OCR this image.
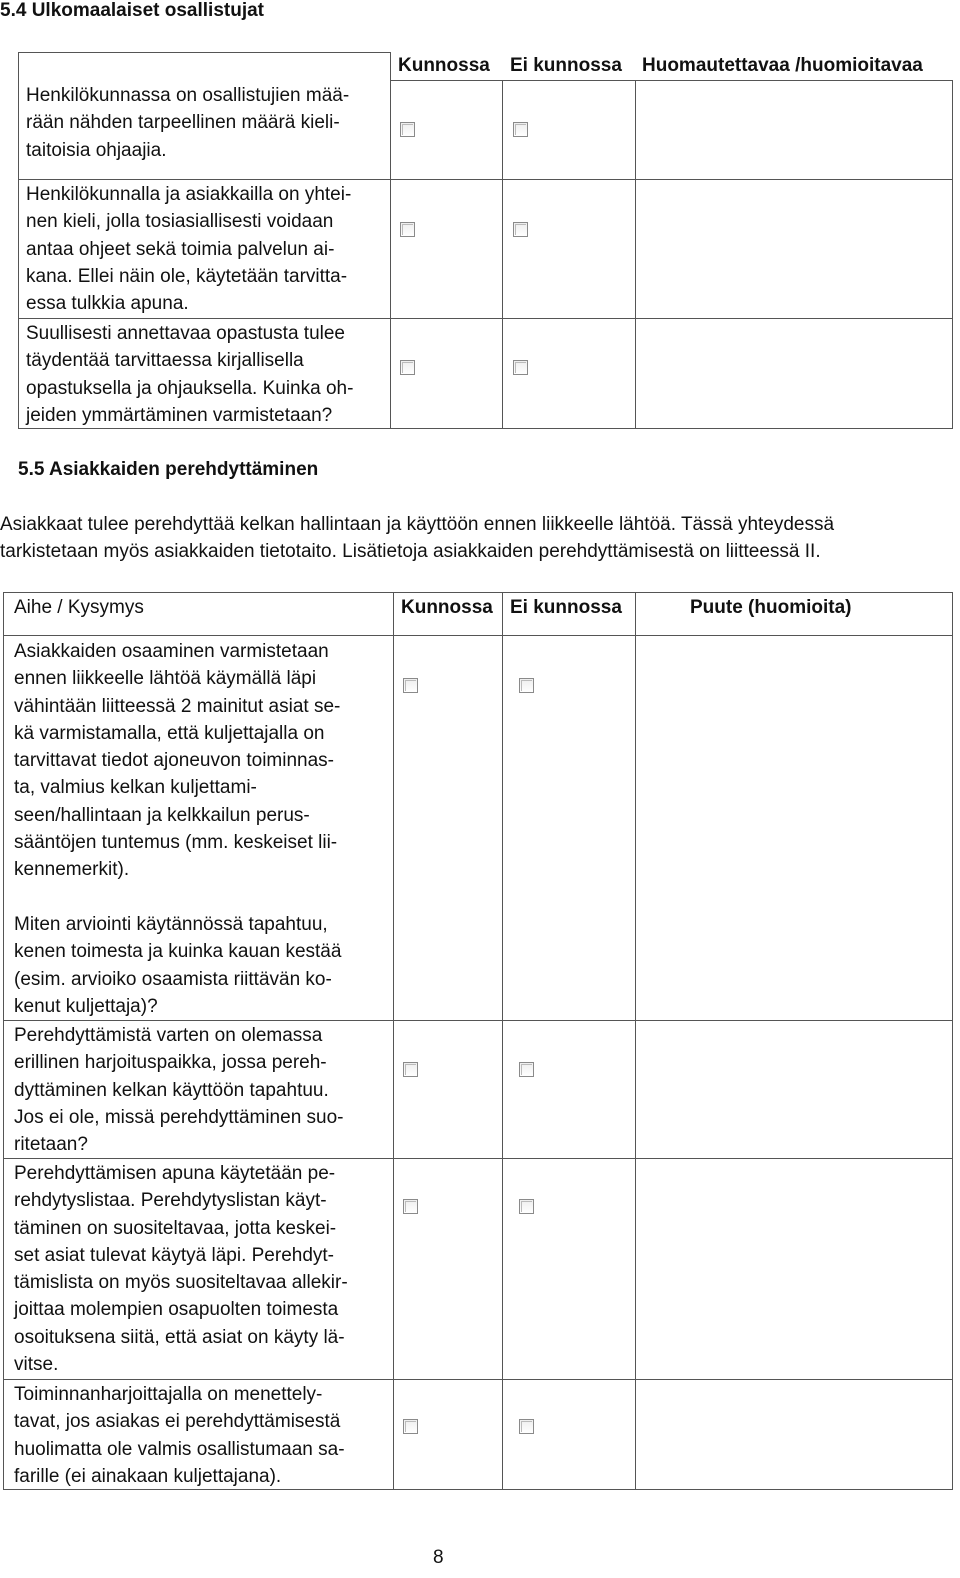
5.4 Ulkomaalaiset osallistujat
Kunnossa Ei kunnossa Huomautettavaa /huomioitavaa
Henkilökunnassa on osallistujien mää-
rään nähden tarpeellinen määrä kieli-
taitoisia ohjaajia.
Henkilökunnalla ja asiakkailla on yhtei-
nen kieli, jolla tosiasiallisesti voidaan
antaa ohjeet sekä toimia palvelun ai-
kana. Ellei näin ole, käytetään tarvitta-
essa tulkkia apuna.
Suullisesti annettavaa opastusta tulee
täydentää tarvittaessa kirjallisella
opastuksella ja ohjauksella. Kuinka oh-
jeiden ymmärtäminen varmistetaan?
5.5 Asiakkaiden perehdyttäminen
Asiakkaat tulee perehdyttää kelkan hallintaan ja käyttöön ennen liikkeelle lähtöä. Tässä yhteydessä
tarkistetaan myös asiakkaiden tietotaito. Lisätietoja asiakkaiden perehdyttämisestä on liitteessä II.
Aihe / Kysymys	Kunnossa Ei kunnossa	Puute (huomioita)
Asiakkaiden osaaminen varmistetaan
ennen liikkeelle lähtöä käymällä läpi
vähintään liitteessä 2 mainitut asiat se-
kä varmistamalla, että kuljettajalla on
tarvittavat tiedot ajoneuvon toiminnas-
ta, valmius kelkan kuljettami-
seen/hallintaan ja kelkkailun perus-
sääntöjen tuntemus (mm. keskeiset lii-
kennemerkit).

Miten arviointi käytännössä tapahtuu,
kenen toimesta ja kuinka kauan kestää
(esim. arvioiko osaamista riittävän ko-
kenut kuljettaja)?
Perehdyttämistä varten on olemassa
erillinen harjoituspaikka, jossa pereh-
dyttäminen kelkan käyttöön tapahtuu.
Jos ei ole, missä perehdyttäminen suo-
ritetaan?
Perehdyttämisen apuna käytetään pe-
rehdytyslistaa. Perehdytyslistan käyt-
täminen on suositeltavaa, jotta keskei-
set asiat tulevat käytyä läpi. Perehdyt-
tämislista on myös suositeltavaa allekir-
joittaa molempien osapuolten toimesta
osoituksena siitä, että asiat on käyty lä-
vitse.
Toiminnanharjoittajalla on menettely-
tavat, jos asiakas ei perehdyttämisestä
huolimatta ole valmis osallistumaan sa-
farille (ei ainakaan kuljettajana).
8
